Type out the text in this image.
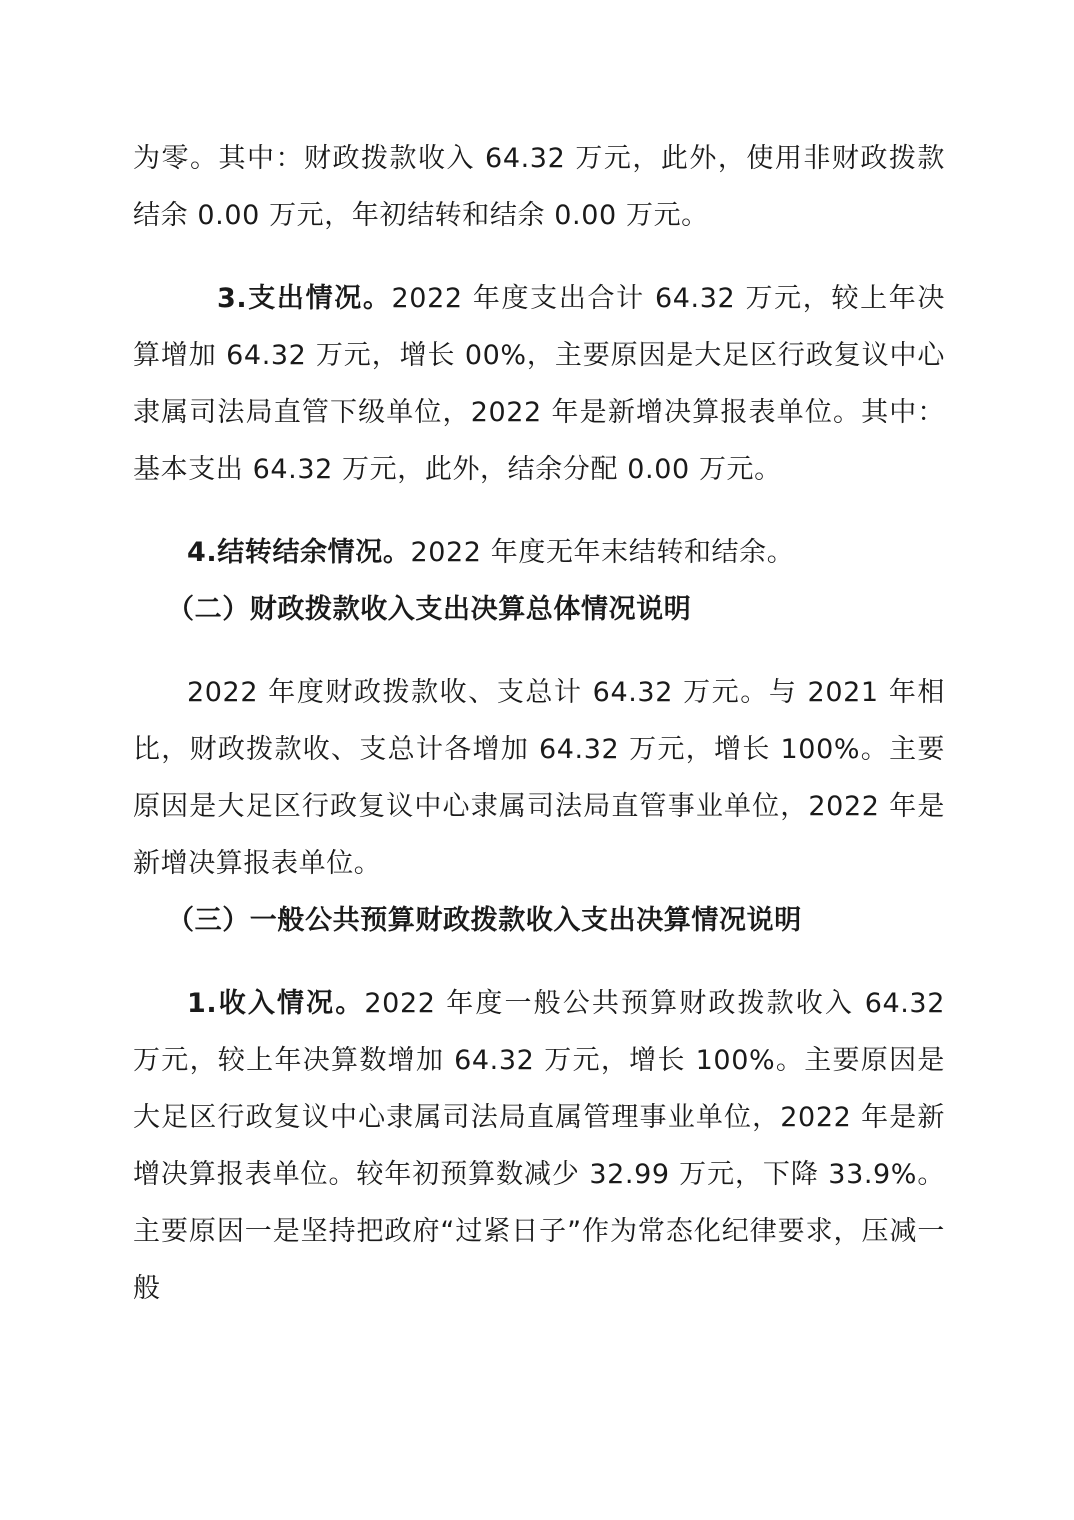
为零。其中：财政拨款收入 64.32 万元，此外，使用非财政拨款结余 0.00 万元，年初结转和结余 0.00 万元。

3.支出情况。2022 年度支出合计 64.32 万元，较上年决算增加 64.32 万元，增长 00%，主要原因是大足区行政复议中心隶属司法局直管下级单位，2022 年是新增决算报表单位。其中：基本支出 64.32 万元，此外，结余分配 0.00 万元。

4.结转结余情况。2022 年度无年末结转和结余。

（二）财政拨款收入支出决算总体情况说明

2022 年度财政拨款收、支总计 64.32 万元。与 2021 年相比，财政拨款收、支总计各增加 64.32 万元，增长 100%。主要原因是大足区行政复议中心隶属司法局直管事业单位，2022 年是新增决算报表单位。

（三）一般公共预算财政拨款收入支出决算情况说明

1.收入情况。2022 年度一般公共预算财政拨款收入 64.32 万元，较上年决算数增加 64.32 万元，增长 100%。主要原因是大足区行政复议中心隶属司法局直属管理事业单位，2022 年是新增决算报表单位。较年初预算数减少 32.99 万元，下降 33.9%。主要原因一是坚持把政府“过紧日子”作为常态化纪律要求，压减一般
